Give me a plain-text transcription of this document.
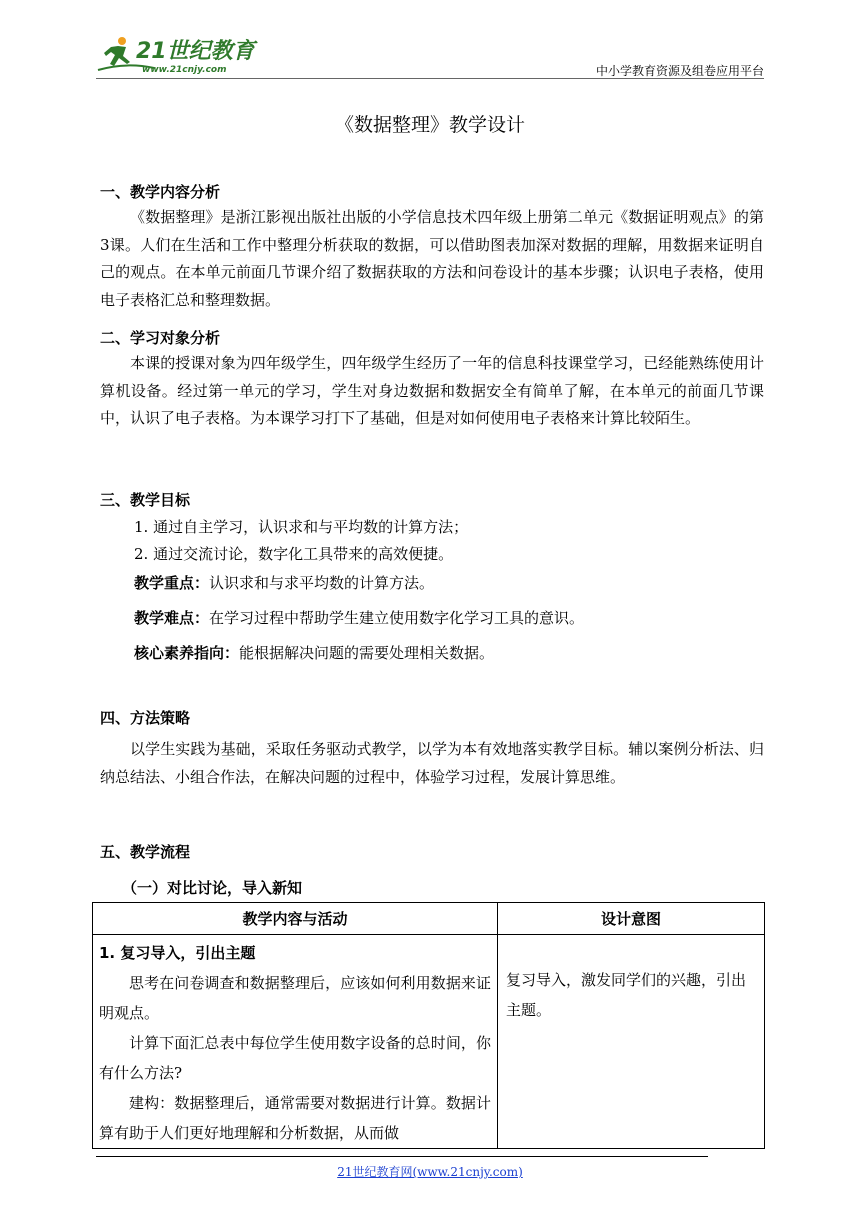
21世纪教育
www.21cnjy.com	中小学教育资源及组卷应用平台
《数据整理》教学设计
一、教学内容分析
《数据整理》是浙江影视出版社出版的小学信息技术四年级上册第二单元《数据证明观点》的第3课。人们在生活和工作中整理分析获取的数据，可以借助图表加深对数据的理解，用数据来证明自己的观点。在本单元前面几节课介绍了数据获取的方法和问卷设计的基本步骤；认识电子表格，使用电子表格汇总和整理数据。
二、学习对象分析
本课的授课对象为四年级学生，四年级学生经历了一年的信息科技课堂学习，已经能熟练使用计算机设备。经过第一单元的学习，学生对身边数据和数据安全有简单了解，在本单元的前面几节课中，认识了电子表格。为本课学习打下了基础，但是对如何使用电子表格来计算比较陌生。
三、教学目标
1. 通过自主学习，认识求和与平均数的计算方法；
2. 通过交流讨论，数字化工具带来的高效便捷。
教学重点：认识求和与求平均数的计算方法。
教学难点：在学习过程中帮助学生建立使用数字化学习工具的意识。
核心素养指向：能根据解决问题的需要处理相关数据。
四、方法策略
以学生实践为基础，采取任务驱动式教学，以学为本有效地落实教学目标。辅以案例分析法、归纳总结法、小组合作法，在解决问题的过程中，体验学习过程，发展计算思维。
五、教学流程
（一）对比讨论，导入新知
教学内容与活动	设计意图

1. 复习导入，引出主题
思考在问卷调查和数据整理后，应该如何利用数据来证明观点。
计算下面汇总表中每位学生使用数字设备的总时间，你有什么方法?
建构：数据整理后，通常需要对数据进行计算。数据计算有助于人们更好地理解和分析数据，从而做	复习导入，激发同学们的兴趣，引出主题。
21世纪教育网(www.21cnjy.com)
